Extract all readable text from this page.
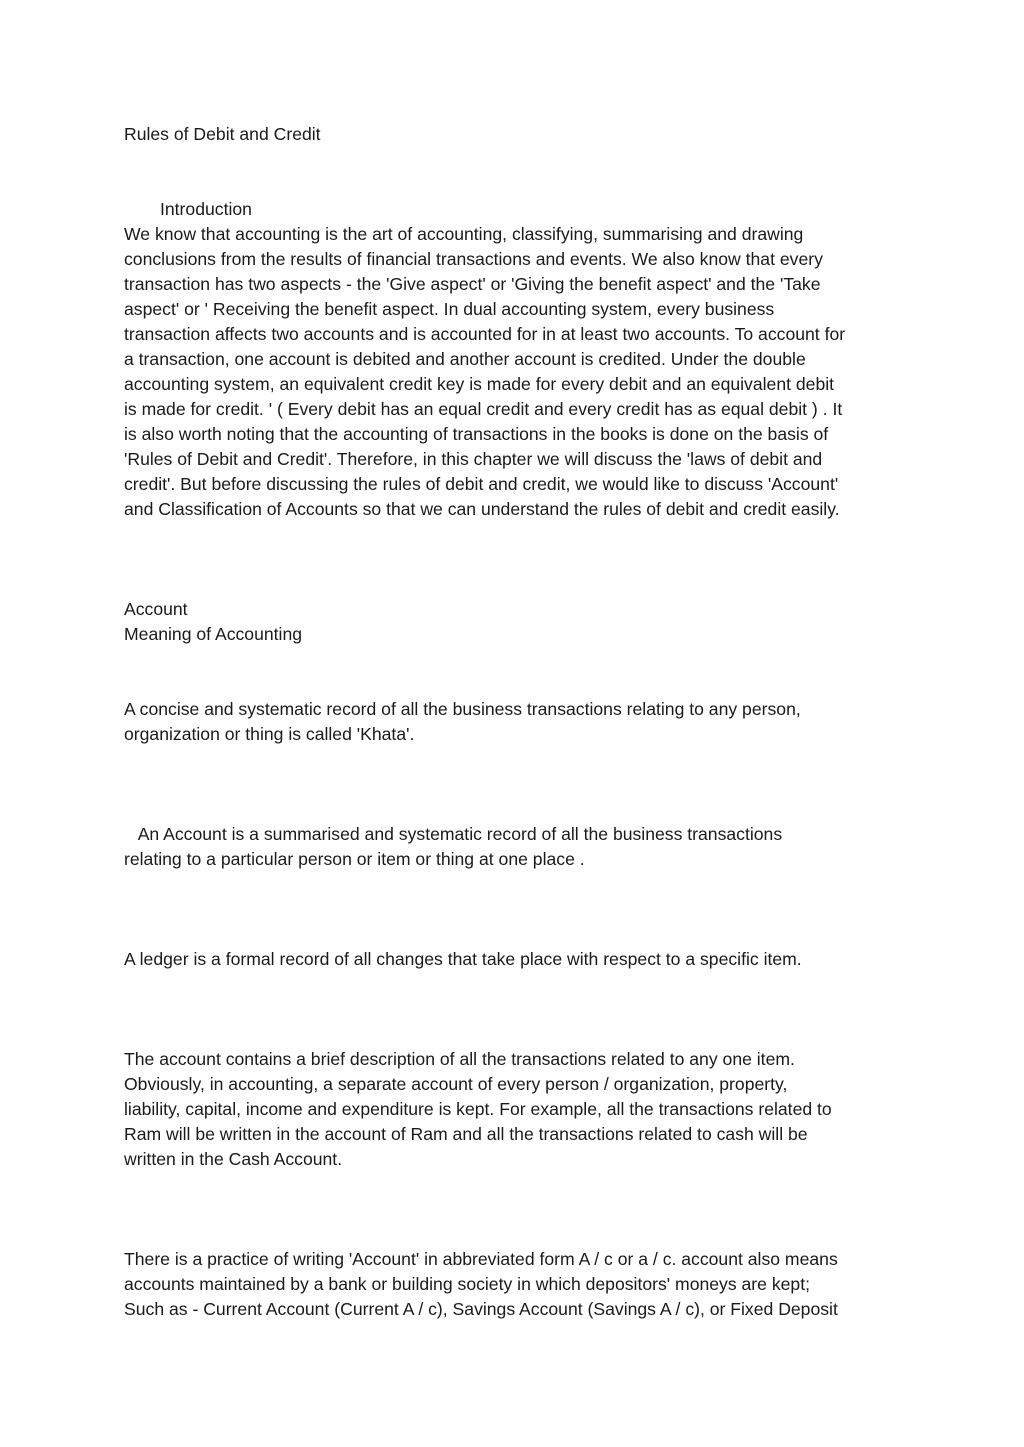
Rules of Debit and Credit

Introduction

We know that accounting is the art of accounting, classifying, summarising and drawing
conclusions from the results of financial transactions and events. We also know that every
transaction has two aspects - the 'Give aspect' or 'Giving the benefit aspect' and the 'Take
aspect' or ' Receiving the benefit aspect. In dual accounting system, every business
transaction affects two accounts and is accounted for in at least two accounts. To account for
a transaction, one account is debited and another account is credited. Under the double
accounting system, an equivalent credit key is made for every debit and an equivalent debit
is made for credit. ' ( Every debit has an equal credit and every credit has as equal debit ) . It
is also worth noting that the accounting of transactions in the books is done on the basis of
'Rules of Debit and Credit'. Therefore, in this chapter we will discuss the 'laws of debit and
credit'. But before discussing the rules of debit and credit, we would like to discuss 'Account'
and Classification of Accounts so that we can understand the rules of debit and credit easily.

Account

Meaning of Accounting

A concise and systematic record of all the business transactions relating to any person,
organization or thing is called 'Khata'.

An Account is a summarised and systematic record of all the business transactions
relating to a particular person or item or thing at one place .

A ledger is a formal record of all changes that take place with respect to a specific item.

The account contains a brief description of all the transactions related to any one item.
Obviously, in accounting, a separate account of every person / organization, property,
liability, capital, income and expenditure is kept. For example, all the transactions related to
Ram will be written in the account of Ram and all the transactions related to cash will be
written in the Cash Account.

There is a practice of writing 'Account' in abbreviated form A / c or a / c. account also means
accounts maintained by a bank or building society in which depositors' moneys are kept;
Such as - Current Account (Current A / c), Savings Account (Savings A / c), or Fixed Deposit
